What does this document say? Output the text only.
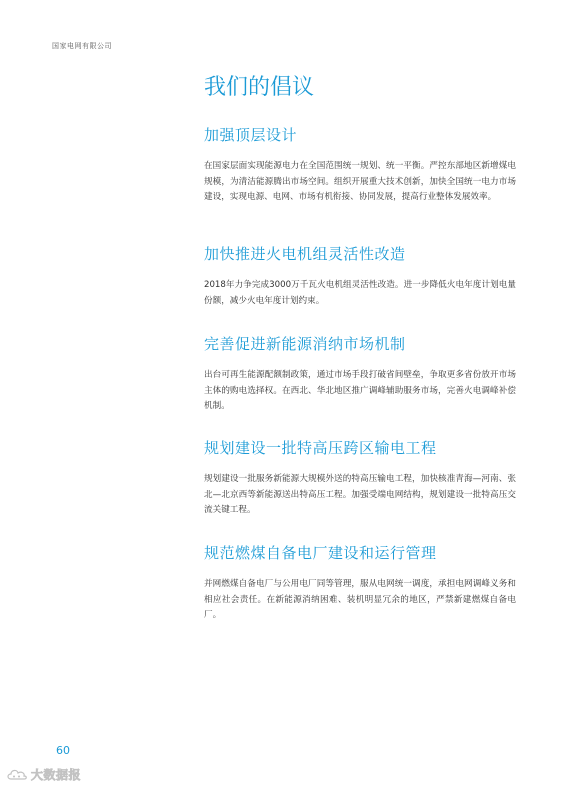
国家电网有限公司
我们的倡议
加强顶层设计

在国家层面实现能源电力在全国范围统一规划、统一平衡。严控东部地区新增煤电规模，为清洁能源腾出市场空间。组织开展重大技术创新，加快全国统一电力市场建设，实现电源、电网、市场有机衔接、协同发展，提高行业整体发展效率。

加快推进火电机组灵活性改造

2018年力争完成3000万千瓦火电机组灵活性改造。进一步降低火电年度计划电量份额，减少火电年度计划约束。

完善促进新能源消纳市场机制

出台可再生能源配额制政策，通过市场手段打破省间壁垒，争取更多省份放开市场主体的购电选择权。在西北、华北地区推广调峰辅助服务市场，完善火电调峰补偿机制。

规划建设一批特高压跨区输电工程

规划建设一批服务新能源大规模外送的特高压输电工程，加快核准青海—河南、张北—北京西等新能源送出特高压工程。加强受端电网结构，规划建设一批特高压交流关键工程。

规范燃煤自备电厂建设和运行管理

并网燃煤自备电厂与公用电厂同等管理，服从电网统一调度，承担电网调峰义务和相应社会责任。在新能源消纳困难、装机明显冗余的地区，严禁新建燃煤自备电厂。

60
大数据报
